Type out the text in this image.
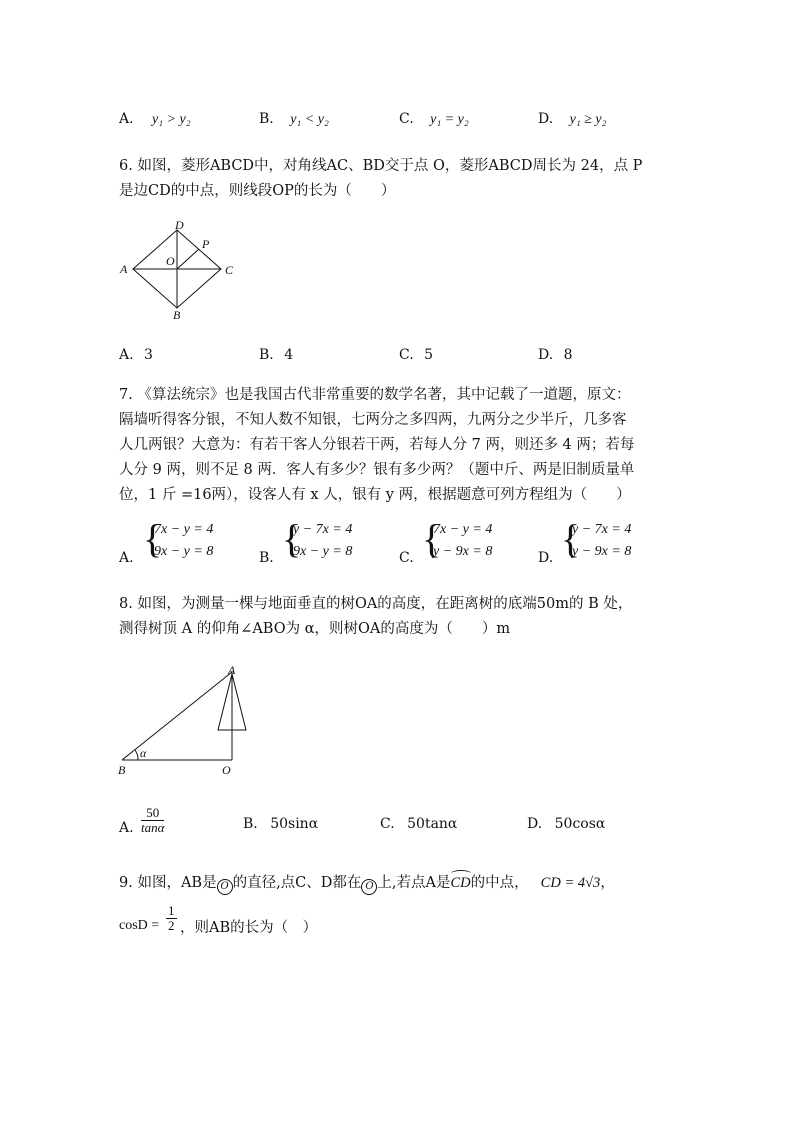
A. y₁ > y₂	B. y₁ < y₂	C. y₁ = y₂	D. y₁ ≥ y₂
6. 如图，菱形ABCD中，对角线AC、BD交于点 O，菱形ABCD周长为 24，点 P
是边CD的中点，则线段OP的长为（　　）
D
P
A
O
C
B
A. 3	B. 4	C. 5	D. 8
7. 《算法统宗》也是我国古代非常重要的数学名著，其中记载了一道题，原文：
隔墙听得客分银，不知人数不知银，七两分之多四两，九两分之少半斤，几多客
人几两银？大意为：有若干客人分银若干两，若每人分 7 两，则还多 4 两；若每
人分 9 两，则不足 8 两．客人有多少？银有多少两？（题中斤、两是旧制质量单
位，1 斤 =16两），设客人有 x 人，银有 y 两，根据题意可列方程组为（　　）
A. {
7x − y = 4
9x − y = 8	B. {
y − 7x = 4
9x − y = 8	C. {
7x − y = 4
y − 9x = 8	D. {
y − 7x = 4
y − 9x = 8
8. 如图，为测量一棵与地面垂直的树OA的高度，在距离树的底端50m的 B 处，
测得树顶 A 的仰角∠ABO为 α，则树OA的高度为（　　）m
A
α
B	O
A. $\frac{50}{\tan\alpha}$	B. 50sinα	C. 50tanα	D. 50cosα
9. 如图，AB是 O 的直径,点C、D都在 O 上,若点A是
CD的中点， CD = 4√3，
$\cos D = \frac{1}{2}$ ，则AB的长为（　）
